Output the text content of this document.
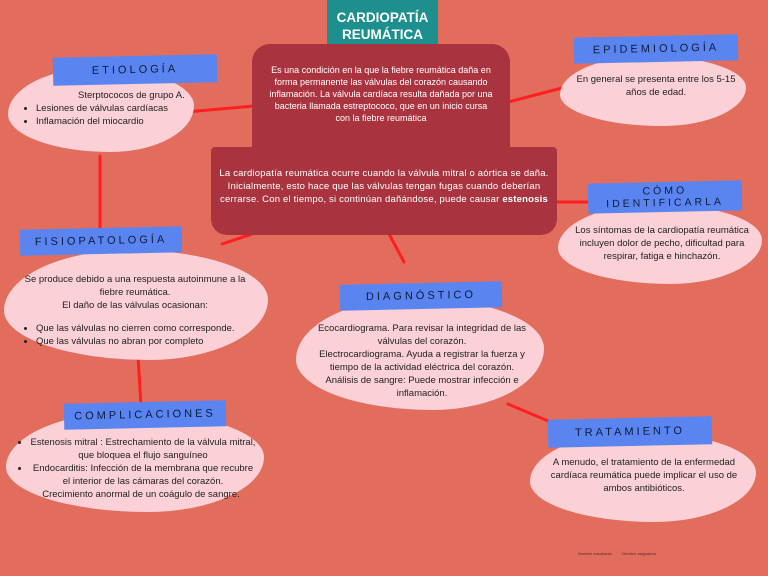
CARDIOPATÍA
REUMÁTICA
Es una condición en la que la fiebre reumática daña en forma permanente las válvulas del corazón causando inflamación. La válvula cardíaca resulta dañada por una bacteria llamada estreptococo, que en un inicio cursa con la fiebre reumática
La cardiopatía reumática ocurre cuando la válvula mitral o aórtica se daña. Inicialmente, esto hace que las válvulas tengan fugas cuando deberían cerrarse. Con el tiempo, si continúan dañándose, puede causar estenosis
ETIOLOGÍA
Sterptococos de grupo A.
• Lesiones de válvulas cardíacas
• Inflamación del miocardio
EPIDEMIOLOGÍA
En general se presenta entre los 5-15 años de edad.
CÓMO
IDENTIFICARLA
Los síntomas de la cardiopatía reumática incluyen dolor de pecho, dificultad para respirar, fatiga e hinchazón.
FISIOPATOLOGÍA
Se produce debido a una respuesta autoinmune a la fiebre reumática.
El daño de las válvulas ocasionan:
• Que las válvulas no cierren como corresponde.
• Que las válvulas no abran por completo
DIAGNÓSTICO
Ecocardiograma. Para revisar la integridad de las válvulas del corazón.
Electrocardiograma. Ayuda a registrar la fuerza y tiempo de la actividad eléctrica del corazón.
Análisis de sangre: Puede mostrar infección e inflamación.
COMPLICACIONES
• Estenosis mitral : Estrechamiento de la válvula mitral, que bloquea el flujo sanguíneo
• Endocarditis: Infección de la membrana que recubre el interior de las cámaras del corazón.
Crecimiento anormal de un coágulo de sangre.
TRATAMIENTO
A menudo, el tratamiento de la enfermedad cardíaca reumática puede implicar el uso de ambos antibióticos.
Nombre estudiante	Nombre asignatura
